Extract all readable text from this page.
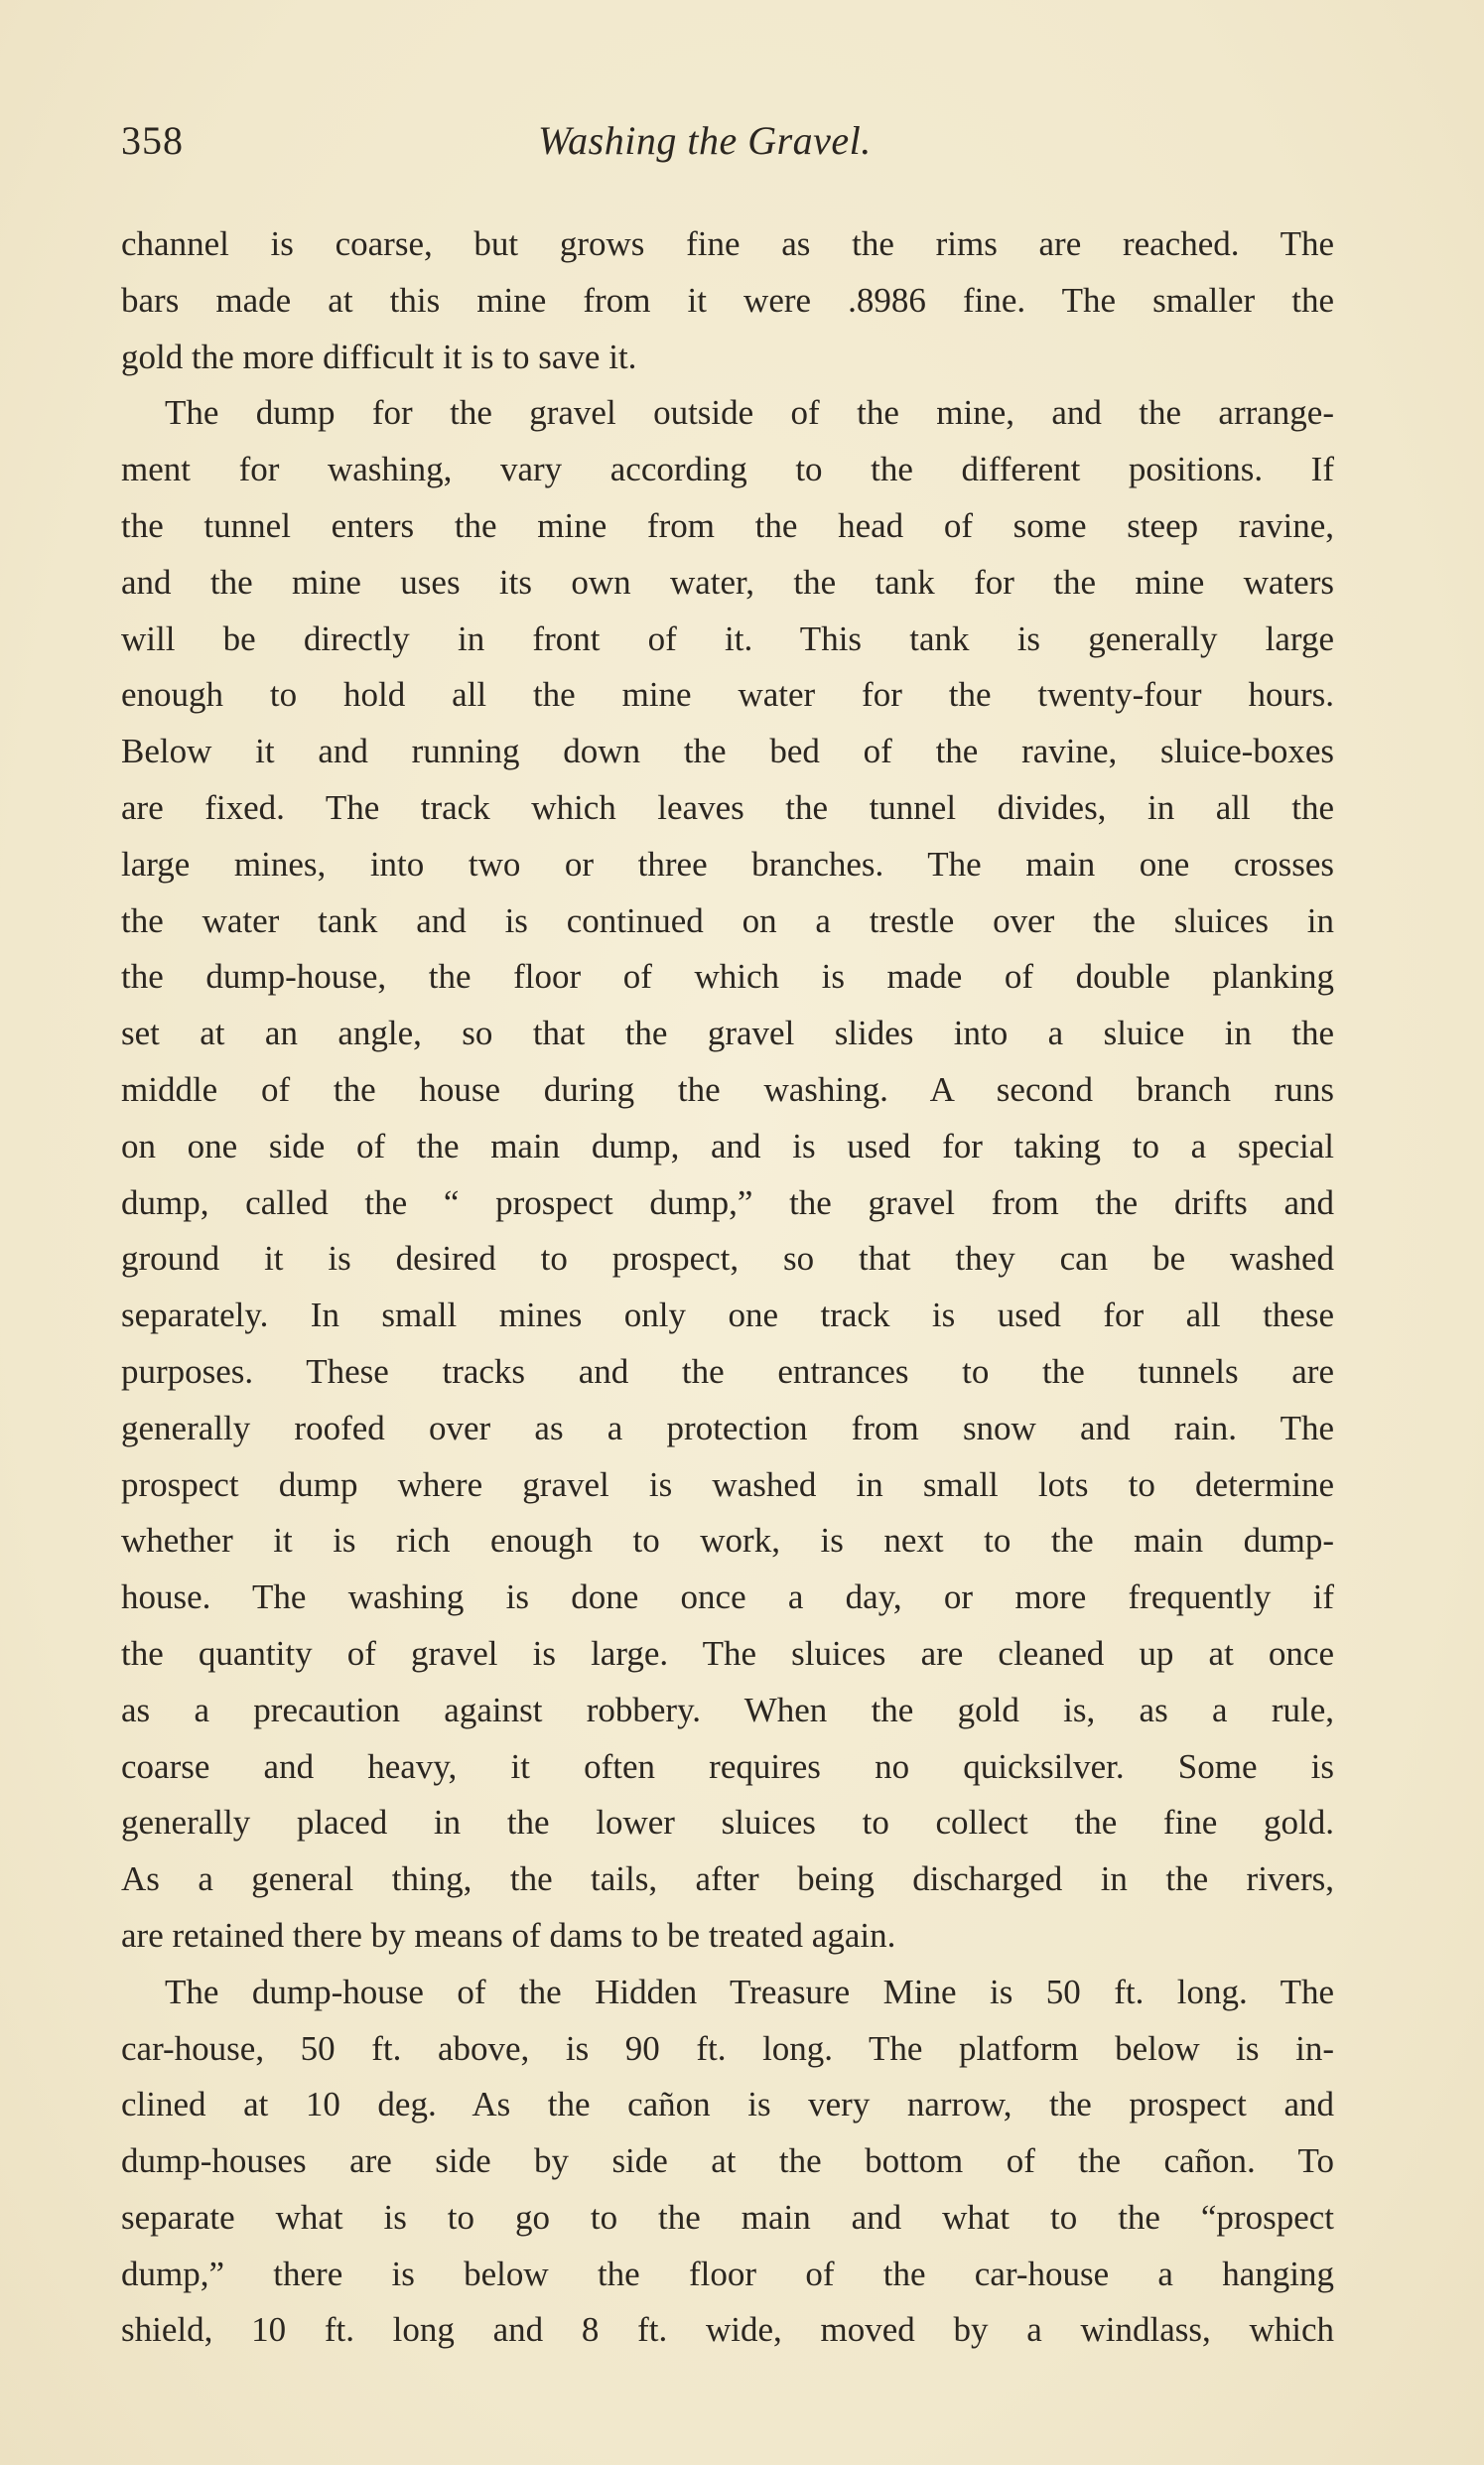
358	Washing the Gravel.
channel is coarse, but grows fine as the rims are reached. The
bars made at this mine from it were .8986 fine. The smaller the
gold the more difficult it is to save it.
The dump for the gravel outside of the mine, and the arrange-
ment for washing, vary according to the different positions. If
the tunnel enters the mine from the head of some steep ravine,
and the mine uses its own water, the tank for the mine waters
will be directly in front of it. This tank is generally large
enough to hold all the mine water for the twenty-four hours.
Below it and running down the bed of the ravine, sluice-boxes
are fixed. The track which leaves the tunnel divides, in all the
large mines, into two or three branches. The main one crosses
the water tank and is continued on a trestle over the sluices in
the dump-house, the floor of which is made of double planking
set at an angle, so that the gravel slides into a sluice in the
middle of the house during the washing. A second branch runs
on one side of the main dump, and is used for taking to a special
dump, called the “ prospect dump,” the gravel from the drifts and
ground it is desired to prospect, so that they can be washed
separately. In small mines only one track is used for all these
purposes. These tracks and the entrances to the tunnels are
generally roofed over as a protection from snow and rain. The
prospect dump where gravel is washed in small lots to determine
whether it is rich enough to work, is next to the main dump-
house. The washing is done once a day, or more frequently if
the quantity of gravel is large. The sluices are cleaned up at once
as a precaution against robbery. When the gold is, as a rule,
coarse and heavy, it often requires no quicksilver. Some is
generally placed in the lower sluices to collect the fine gold.
As a general thing, the tails, after being discharged in the rivers,
are retained there by means of dams to be treated again.
The dump-house of the Hidden Treasure Mine is 50 ft. long. The
car-house, 50 ft. above, is 90 ft. long. The platform below is in-
clined at 10 deg. As the cañon is very narrow, the prospect and
dump-houses are side by side at the bottom of the cañon. To
separate what is to go to the main and what to the “prospect
dump,” there is below the floor of the car-house a hanging
shield, 10 ft. long and 8 ft. wide, moved by a windlass, which
